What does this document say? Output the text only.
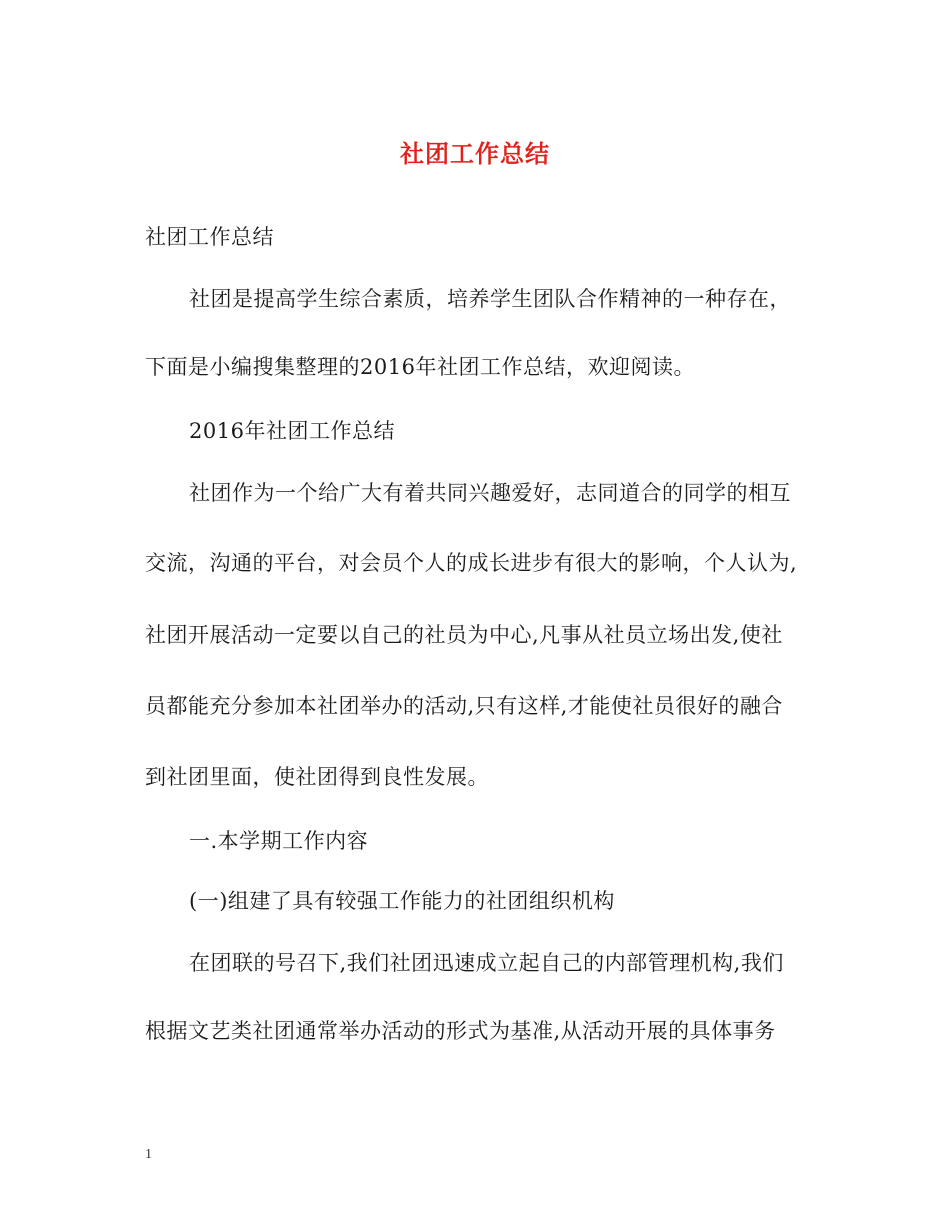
社团工作总结
社团工作总结
社团是提高学生综合素质，培养学生团队合作精神的一种存在，
下面是小编搜集整理的2016年社团工作总结，欢迎阅读。
2016年社团工作总结
社团作为一个给广大有着共同兴趣爱好，志同道合的同学的相互
交流，沟通的平台，对会员个人的成长进步有很大的影响，个人认为,
社团开展活动一定要以自己的社员为中心,凡事从社员立场出发,使社
员都能充分参加本社团举办的活动,只有这样,才能使社员很好的融合
到社团里面，使社团得到良性发展。
一.本学期工作内容
(一)组建了具有较强工作能力的社团组织机构
在团联的号召下,我们社团迅速成立起自己的内部管理机构,我们
根据文艺类社团通常举办活动的形式为基准,从活动开展的具体事务
1
